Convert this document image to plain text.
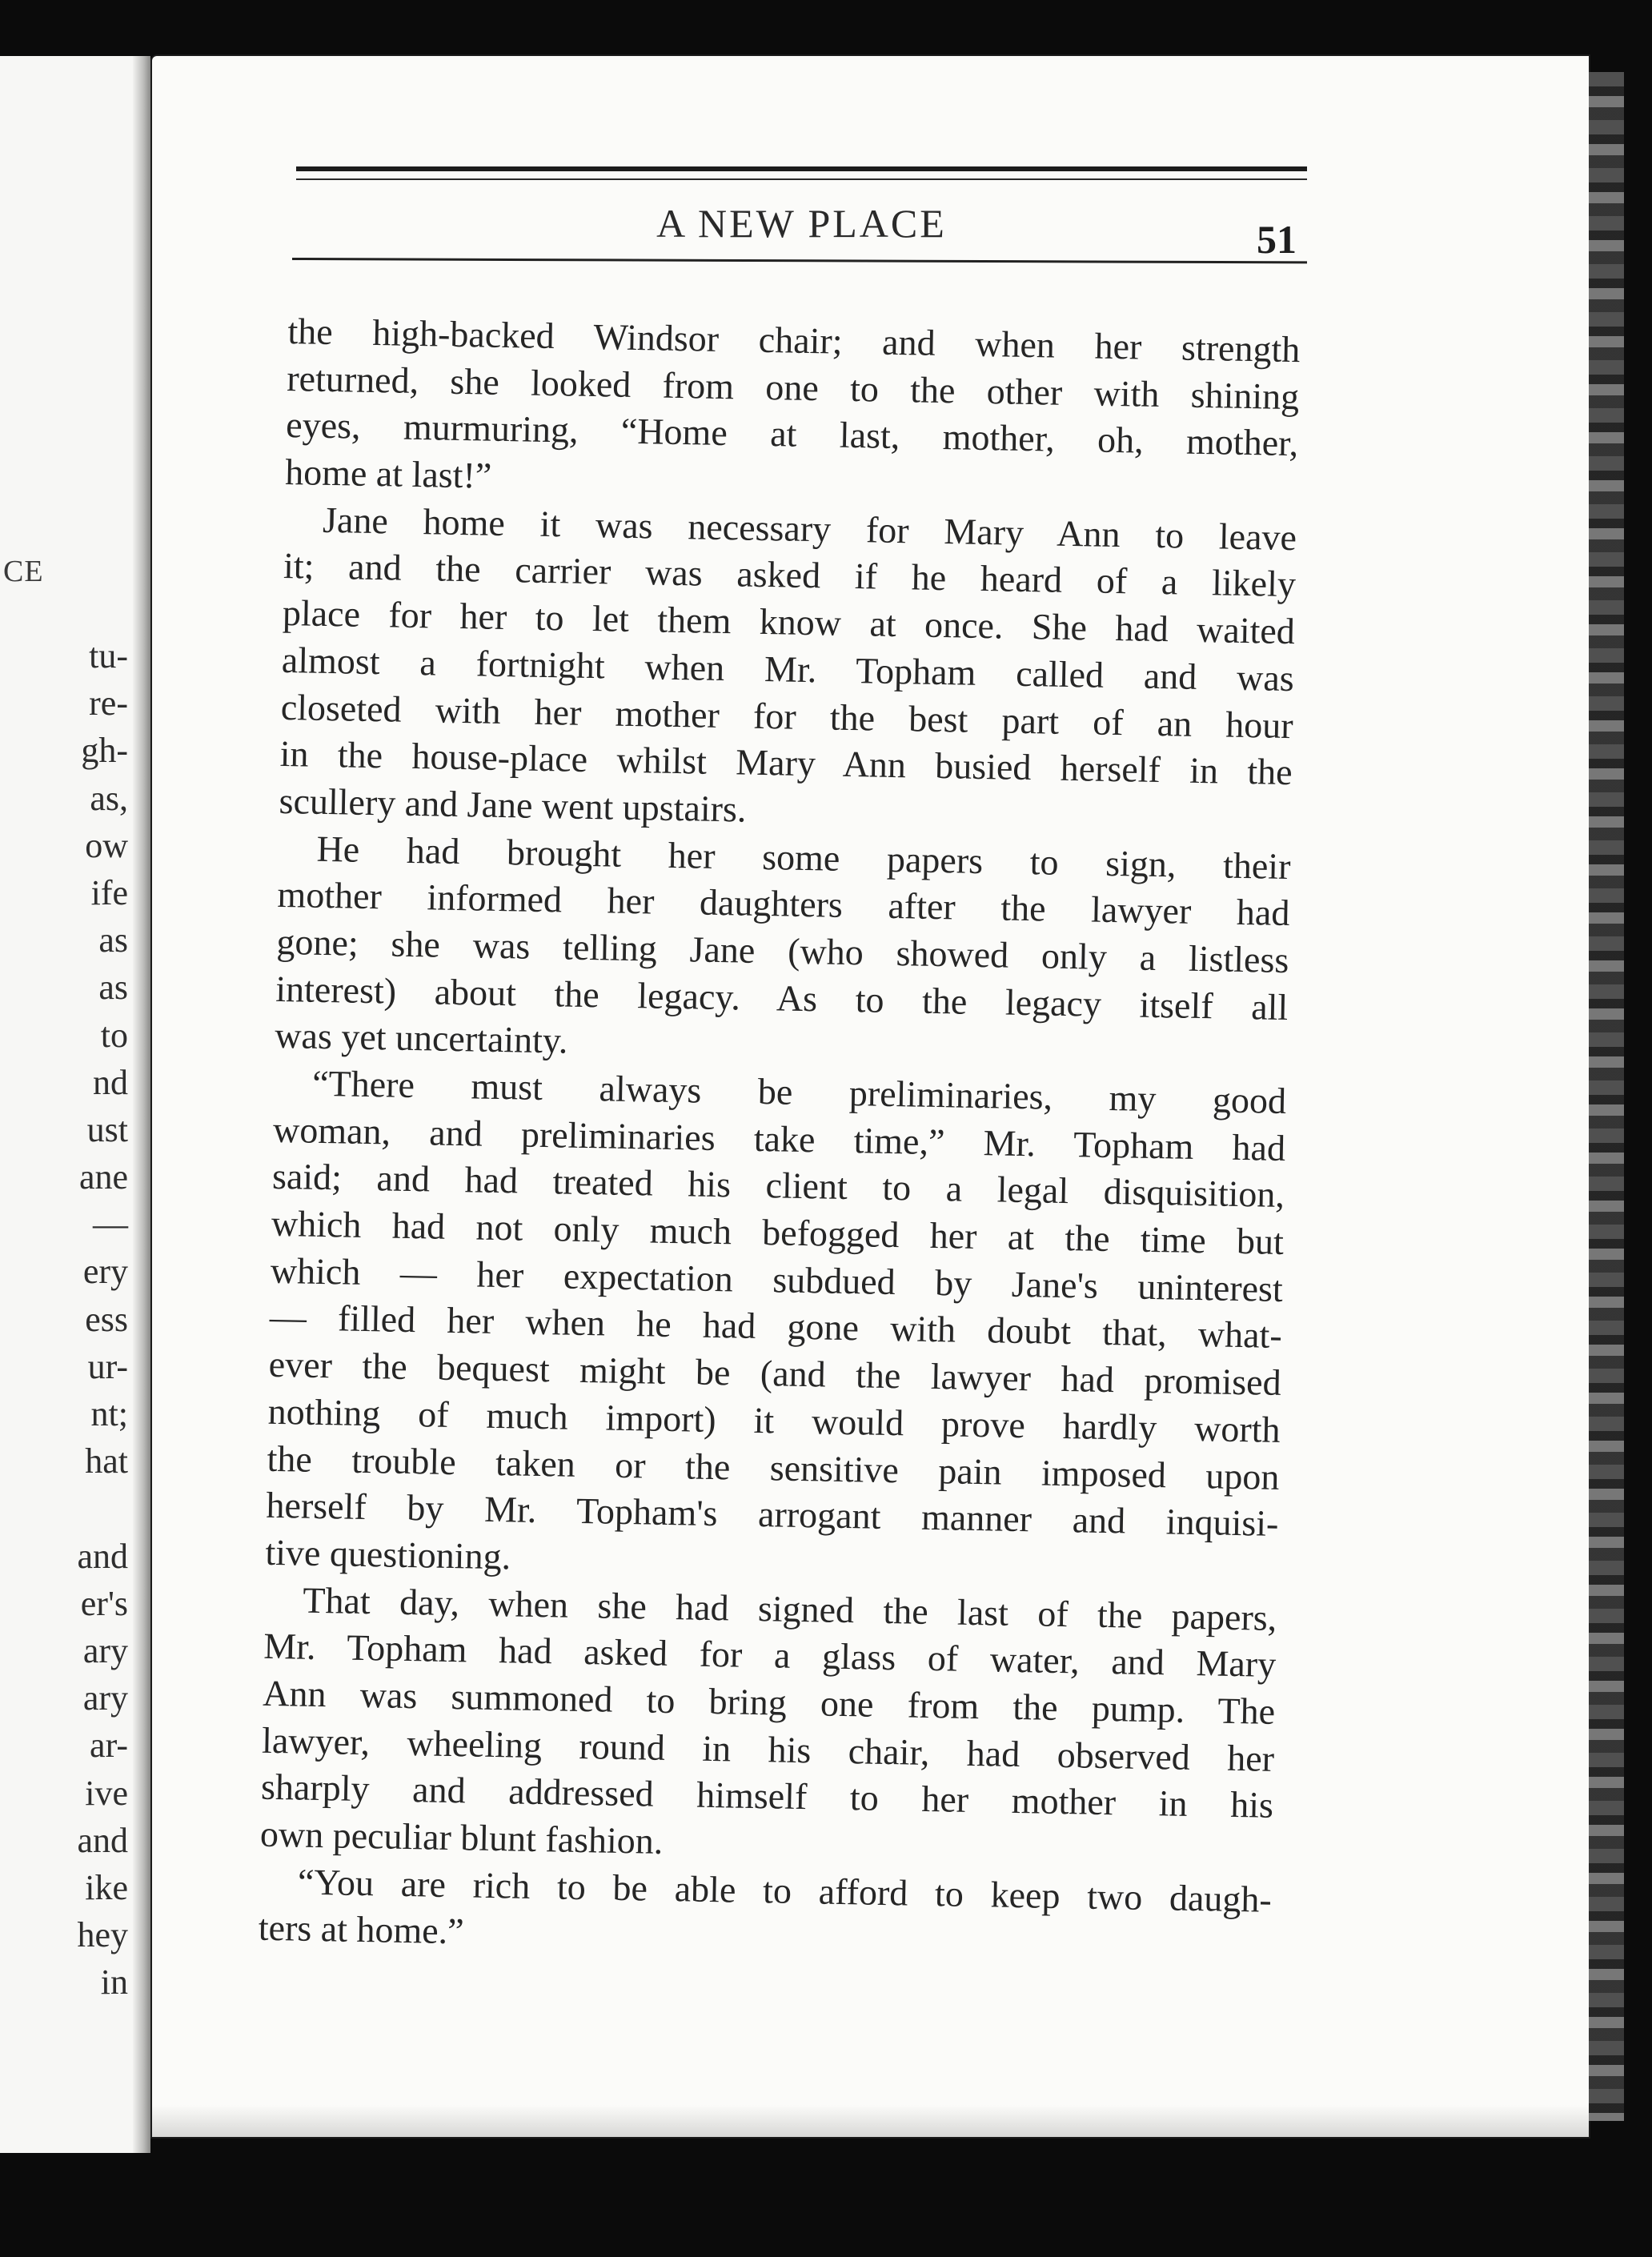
CE
tu-
re-
gh-
as,
ow
ife
as
as
to
nd
ust
ane
—
ery
ess
ur-
nt;
hat
and
er's
ary
ary
ar-
ive
and
ike
hey
in
A NEW PLACE	51
the high-backed Windsor chair; and when her strength
returned, she looked from one to the other with shining
eyes, murmuring, “Home at last, mother, oh, mother,
home at last!”
Jane home it was necessary for Mary Ann to leave
it; and the carrier was asked if he heard of a likely
place for her to let them know at once. She had waited
almost a fortnight when Mr. Topham called and was
closeted with her mother for the best part of an hour
in the house-place whilst Mary Ann busied herself in the
scullery and Jane went upstairs.
He had brought her some papers to sign, their
mother informed her daughters after the lawyer had
gone; she was telling Jane (who showed only a listless
interest) about the legacy. As to the legacy itself all
was yet uncertainty.
“There must always be preliminaries, my good
woman, and preliminaries take time,” Mr. Topham had
said; and had treated his client to a legal disquisition,
which had not only much befogged her at the time but
which — her expectation subdued by Jane's uninterest
— filled her when he had gone with doubt that, what-
ever the bequest might be (and the lawyer had promised
nothing of much import) it would prove hardly worth
the trouble taken or the sensitive pain imposed upon
herself by Mr. Topham's arrogant manner and inquisi-
tive questioning.
That day, when she had signed the last of the papers,
Mr. Topham had asked for a glass of water, and Mary
Ann was summoned to bring one from the pump. The
lawyer, wheeling round in his chair, had observed her
sharply and addressed himself to her mother in his
own peculiar blunt fashion.
“You are rich to be able to afford to keep two daugh-
ters at home.”
